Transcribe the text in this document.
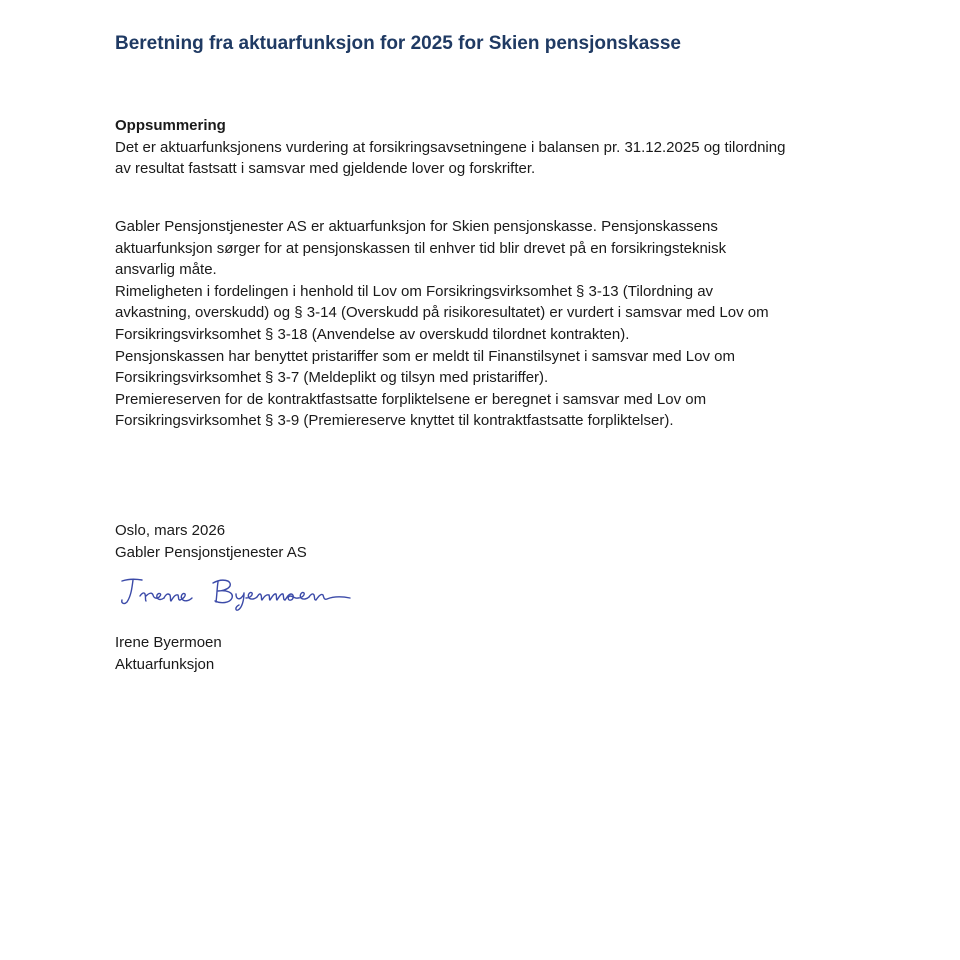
Beretning fra aktuarfunksjon for 2025 for Skien pensjonskasse
Oppsummering
Det er aktuarfunksjonens vurdering at forsikringsavsetningene i balansen pr. 31.12.2025 og tilordning
av resultat fastsatt i samsvar med gjeldende lover og forskrifter.
Gabler Pensjonstjenester AS er aktuarfunksjon for Skien pensjonskasse. Pensjonskassens
aktuarfunksjon sørger for at pensjonskassen til enhver tid blir drevet på en forsikringsteknisk
ansvarlig måte.
Rimeligheten i fordelingen i henhold til Lov om Forsikringsvirksomhet § 3-13 (Tilordning av
avkastning, overskudd) og § 3-14 (Overskudd på risikoresultatet) er vurdert i samsvar med Lov om
Forsikringsvirksomhet § 3-18 (Anvendelse av overskudd tilordnet kontrakten).
Pensjonskassen har benyttet pristariffer som er meldt til Finanstilsynet i samsvar med Lov om
Forsikringsvirksomhet § 3-7 (Meldeplikt og tilsyn med pristariffer).
Premiereserven for de kontraktfastsatte forpliktelsene er beregnet i samsvar med Lov om
Forsikringsvirksomhet § 3-9 (Premiereserve knyttet til kontraktfastsatte forpliktelser).
Oslo, mars 2026
Gabler Pensjonstjenester AS
Irene Byermoen
Aktuarfunksjon
